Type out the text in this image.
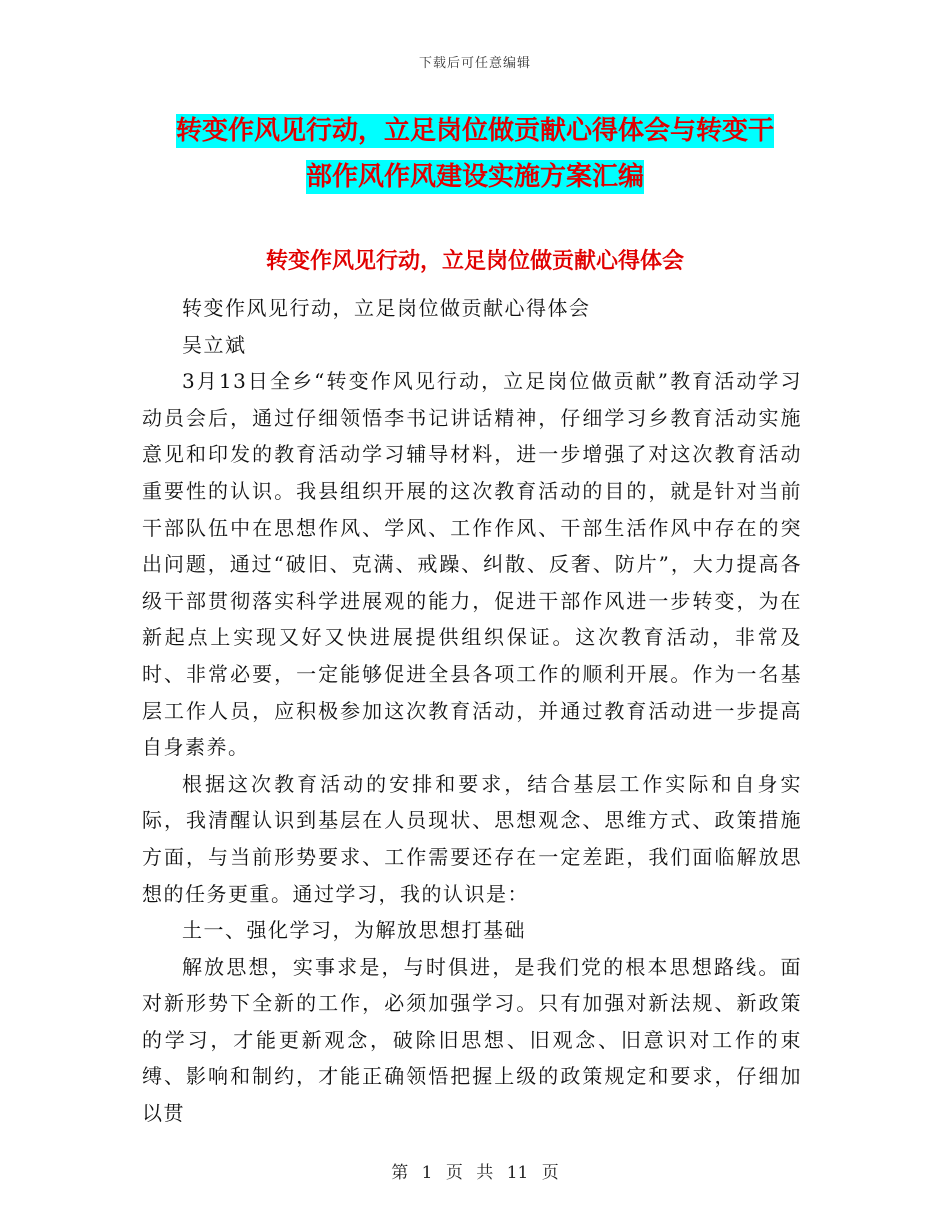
下载后可任意编辑
转变作风见行动，立足岗位做贡献心得体会与转变干
部作风作风建设实施方案汇编
转变作风见行动，立足岗位做贡献心得体会

转变作风见行动，立足岗位做贡献心得体会

吴立斌

3月13日全乡“转变作风见行动，立足岗位做贡献”教育活动学习动员会后，通过仔细领悟李书记讲话精神，仔细学习乡教育活动实施意见和印发的教育活动学习辅导材料，进一步增强了对这次教育活动重要性的认识。我县组织开展的这次教育活动的目的，就是针对当前干部队伍中在思想作风、学风、工作作风、干部生活作风中存在的突出问题，通过“破旧、克满、戒躁、纠散、反奢、防片”，大力提高各级干部贯彻落实科学进展观的能力，促进干部作风进一步转变，为在新起点上实现又好又快进展提供组织保证。这次教育活动，非常及时、非常必要，一定能够促进全县各项工作的顺利开展。作为一名基层工作人员，应积极参加这次教育活动，并通过教育活动进一步提高自身素养。

根据这次教育活动的安排和要求，结合基层工作实际和自身实际，我清醒认识到基层在人员现状、思想观念、思维方式、政策措施方面，与当前形势要求、工作需要还存在一定差距，我们面临解放思想的任务更重。通过学习，我的认识是：

土一、强化学习，为解放思想打基础

解放思想，实事求是，与时俱进，是我们党的根本思想路线。面对新形势下全新的工作，必须加强学习。只有加强对新法规、新政策的学习，才能更新观念，破除旧思想、旧观念、旧意识对工作的束缚、影响和制约，才能正确领悟把握上级的政策规定和要求，仔细加以贯

第 1 页 共 11 页
